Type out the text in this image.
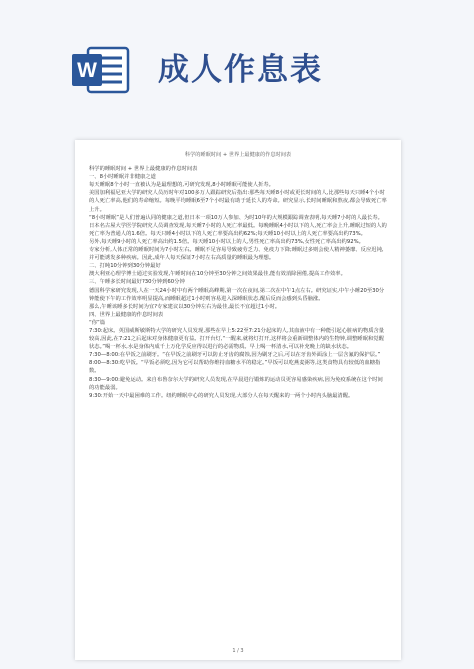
W 成人作息表
科学的睡眠时间 + 世界上最健康的作息时间表

科学的睡眠时间 + 世界上最健康的作息时间表

一、8小时睡眠并非健康之道

每天睡眠8个小时一直被认为是最理想的,可研究发现,8小时睡眠可能使人折寿。

美国加利福尼亚大学的研究人员历时年对100多万人跟踪研究后指出:那些每天睡8小时或更长时间的人,比那些每天只睡4个小时的人死亡率高,他们的寿命缩短。每晚平均睡眠6至7个小时最有助于延长人的寿命。研究显示,长时间睡眠和熬夜,都会导致死亡率上升。

“8小时睡眠”是人们普遍认同的健康之道,但日本一项10万人参加、为时10年的大规模跟踪调查表明,每天睡7小时的人最长寿。日本名古屋大学医学院研究人员调查发现,每天睡7小时的人死亡率最低。每晚睡眠4小时以下的人,死亡率会上升,睡眠过短的人的死亡率为普通人的1.6倍。每天只睡4小时以下的人死亡率要高出约62%;每天睡10小时以上的人死亡率要高出约73%。

另外,每天睡9小时的人死亡率高出约1.5倍。每天睡10小时以上的人,男性死亡率高出约73%,女性死亡率高出约92%。

专家分析,人体正常的睡眠时间为7小时左右。睡眠不足容易导致疲劳乏力、免疫力下降;睡眠过多则会使人精神萎靡、反应迟钝,并可能诱发多种疾病。因此,成年人每天保证7小时左右高质量的睡眠最为理想。

二、打盹10分钟到30分钟最好

澳大利亚心理学博士通过实验发现,午睡时间在10分钟至30分钟之间效果最佳,能有效消除困倦,提高工作效率。

三、午睡多长时间最好?30分钟到60分钟

德国科学家研究发现,人在一天24小时中有两个睡眠高峰期,第一次在夜间,第二次在中午1点左右。研究证实,中午小睡20至30分钟能使下午的工作效率明显提高,而睡眠超过1小时则容易进入深睡眠状态,醒后反而会感到头昏脑涨。

那么,午睡该睡多长时间为宜?专家建议以30分钟左右为最佳,最长不宜超过1小时。

四、世界上最健康的作息时间表

“你”篇

7:30:起床。英国威斯敏斯特大学的研究人员发现,那些在早上5:22至7:21分起床的人,其血液中有一种能引起心脏病的物质含量较高,因此,在7:21之后起床对身体健康更有益。打开台灯,“一醒来,就将灯打开,这样将会重新调整体内的生物钟,调整睡眠和觉醒状态。”喝一杯水,水是身体内成千上万化学反应得以进行的必需物质。早上喝一杯清水,可以补充晚上的缺水状态。

7:30—8:00:在早饭之前刷牙。“在早饭之前刷牙可以防止牙齿的腐蚀,因为刷牙之后,可以在牙齿外面涂上一层含氟的保护层。”

8:00—8:30:吃早饭。“早饭必须吃,因为它可以帮助你维持血糖水平的稳定。”早饭可以吃燕麦粥等,这类食物具有较低的血糖指数。

8:30—9:00:避免运动。来自布鲁奈尔大学的研究人员发现,在早晨进行锻炼的运动员更容易感染疾病,因为免疫系统在这个时间的功能最弱。

9:30:开始一天中最困难的工作。纽约睡眠中心的研究人员发现,大部分人在每天醒来的一两个小时内头脑最清醒。

1 / 3
